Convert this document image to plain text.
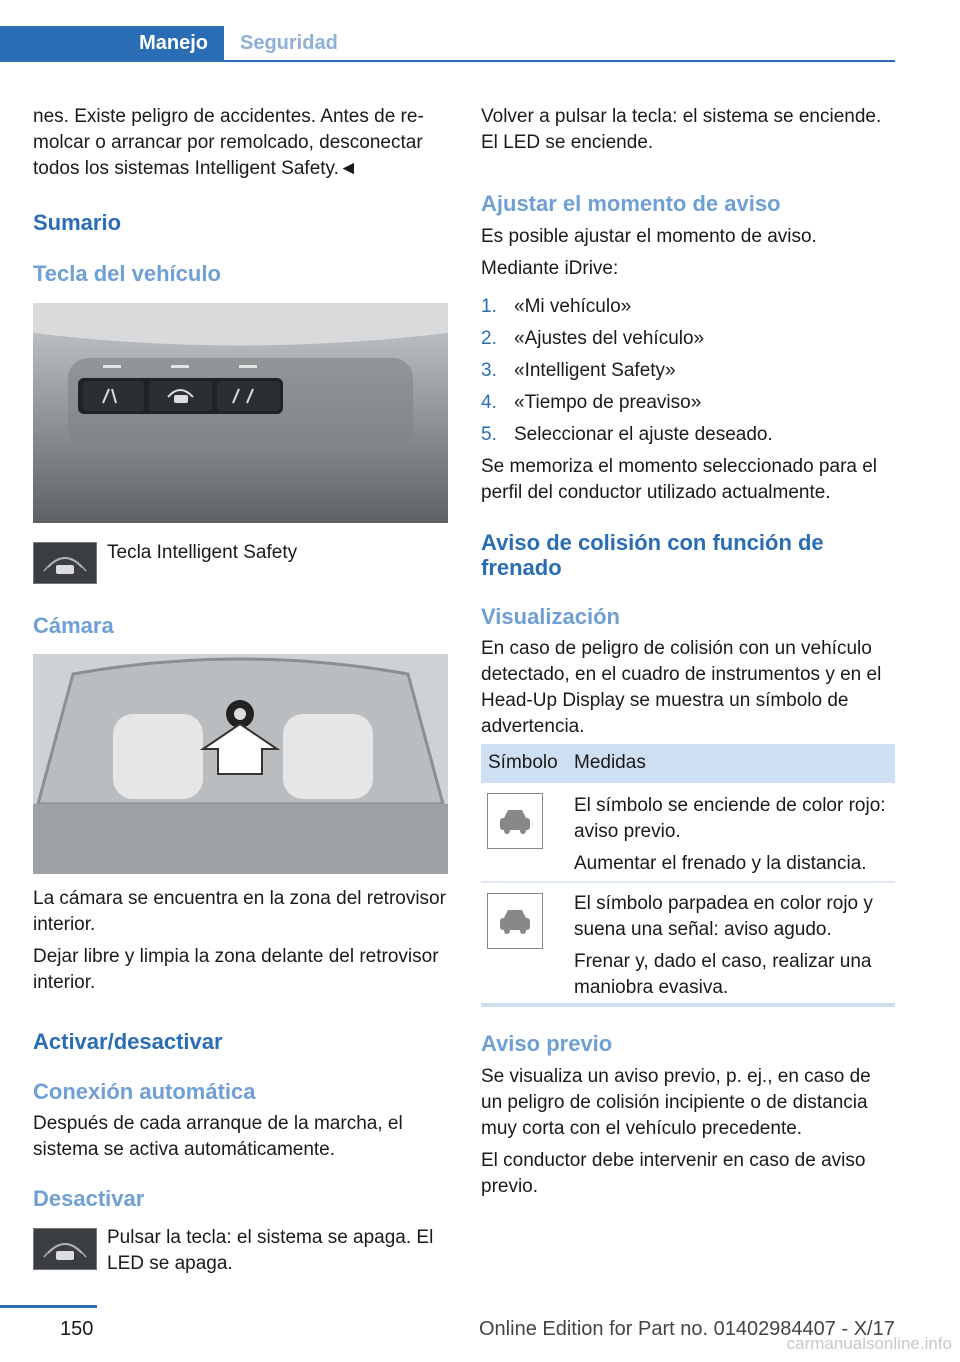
Manejo Seguridad

nes. Existe peligro de accidentes. Antes de remolcar o arrancar por remolcado, desconectar todos los sistemas Intelligent Safety.◄

Sumario
Tecla del vehículo
Tecla Intelligent Safety
Cámara

La cámara se encuentra en la zona del retrovisor interior.

Dejar libre y limpia la zona delante del retrovisor interior.

Activar/desactivar
Conexión automática
Después de cada arranque de la marcha, el sistema se activa automáticamente.
Desactivar
Pulsar la tecla: el sistema se apaga. El LED se apaga.
Volver a pulsar la tecla: el sistema se enciende. El LED se enciende.
Ajustar el momento de aviso

Es posible ajustar el momento de aviso.

Mediante iDrive:

1. «Mi vehículo»
2. «Ajustes del vehículo»
3. «Intelligent Safety»
4. «Tiempo de preaviso»
5. Seleccionar el ajuste deseado.
Se memoriza el momento seleccionado para el perfil del conductor utilizado actualmente.
Aviso de colisión con función de frenado
Visualización
En caso de peligro de colisión con un vehículo detectado, en el cuadro de instrumentos y en el Head-Up Display se muestra un símbolo de advertencia.
Símbolo Medidas

El símbolo se enciende de color rojo: aviso previo.

Aumentar el frenado y la distancia.

El símbolo parpadea en color rojo y suena una señal: aviso agudo.

Frenar y, dado el caso, realizar una maniobra evasiva.

Aviso previo

Se visualiza un aviso previo, p. ej., en caso de un peligro de colisión incipiente o de distancia muy corta con el vehículo precedente.

El conductor debe intervenir en caso de aviso previo.

150	Online Edition for Part no. 01402984407 - X/17
carmanualsonline.info
